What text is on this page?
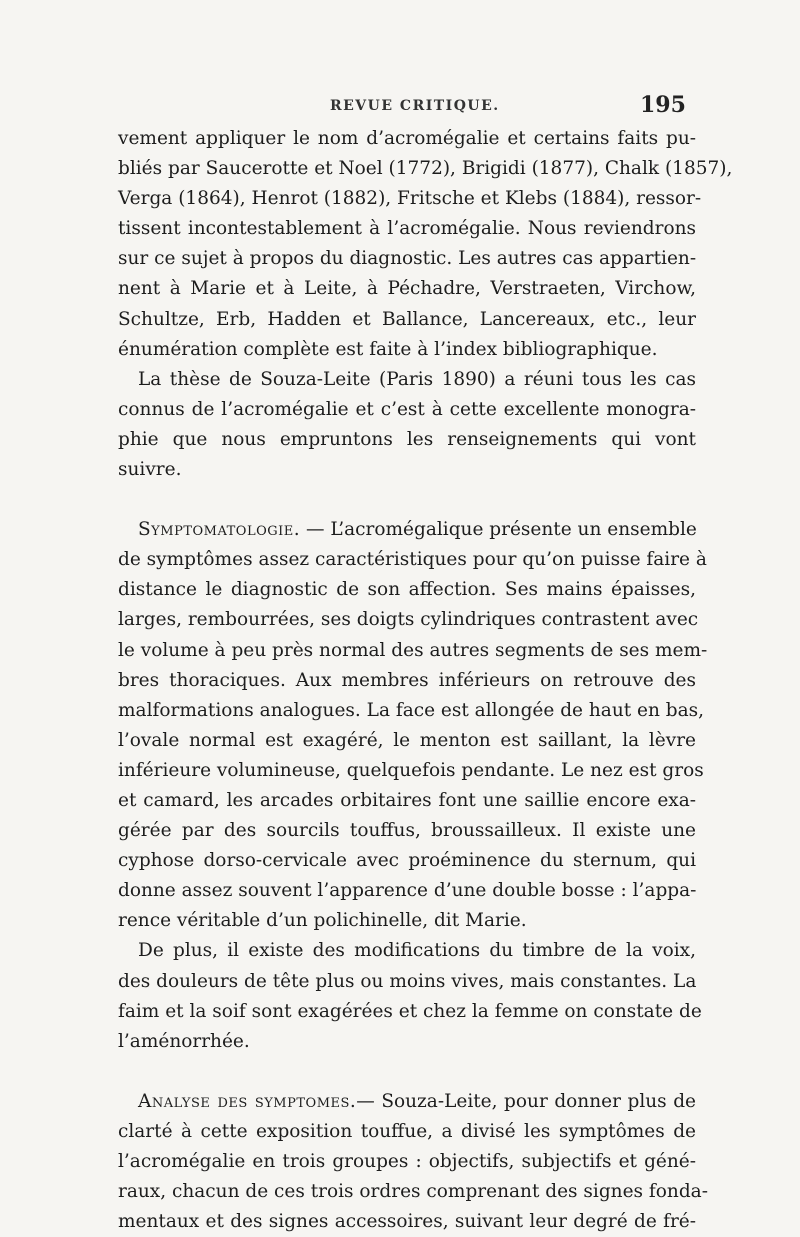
REVUE CRITIQUE.	195
vement appliquer le nom d’acromégalie et certains faits pu-
bliés par Saucerotte et Noel (1772), Brigidi (1877), Chalk (1857),
Verga (1864), Henrot (1882), Fritsche et Klebs (1884), ressor-
tissent incontestablement à l’acromégalie. Nous reviendrons
sur ce sujet à propos du diagnostic. Les autres cas appartien-
nent à Marie et à Leite, à Péchadre, Verstraeten, Virchow,
Schultze, Erb, Hadden et Ballance, Lancereaux, etc., leur
énumération complète est faite à l’index bibliographique.
La thèse de Souza-Leite (Paris 1890) a réuni tous les cas
connus de l’acromégalie et c’est à cette excellente monogra-
phie que nous empruntons les renseignements qui vont
suivre.
Symptomatologie. — L’acromégalique présente un ensemble
de symptômes assez caractéristiques pour qu’on puisse faire à
distance le diagnostic de son affection. Ses mains épaisses,
larges, rembourrées, ses doigts cylindriques contrastent avec
le volume à peu près normal des autres segments de ses mem-
bres thoraciques. Aux membres inférieurs on retrouve des
malformations analogues. La face est allongée de haut en bas,
l’ovale normal est exagéré, le menton est saillant, la lèvre
inférieure volumineuse, quelquefois pendante. Le nez est gros
et camard, les arcades orbitaires font une saillie encore exa-
gérée par des sourcils touffus, broussailleux. Il existe une
cyphose dorso-cervicale avec proéminence du sternum, qui
donne assez souvent l’apparence d’une double bosse : l’appa-
rence véritable d’un polichinelle, dit Marie.
De plus, il existe des modifications du timbre de la voix,
des douleurs de tête plus ou moins vives, mais constantes. La
faim et la soif sont exagérées et chez la femme on constate de
l’aménorrhée.
Analyse des symptomes.— Souza-Leite, pour donner plus de
clarté à cette exposition touffue, a divisé les symptômes de
l’acromégalie en trois groupes : objectifs, subjectifs et géné-
raux, chacun de ces trois ordres comprenant des signes fonda-
mentaux et des signes accessoires, suivant leur degré de fré-
